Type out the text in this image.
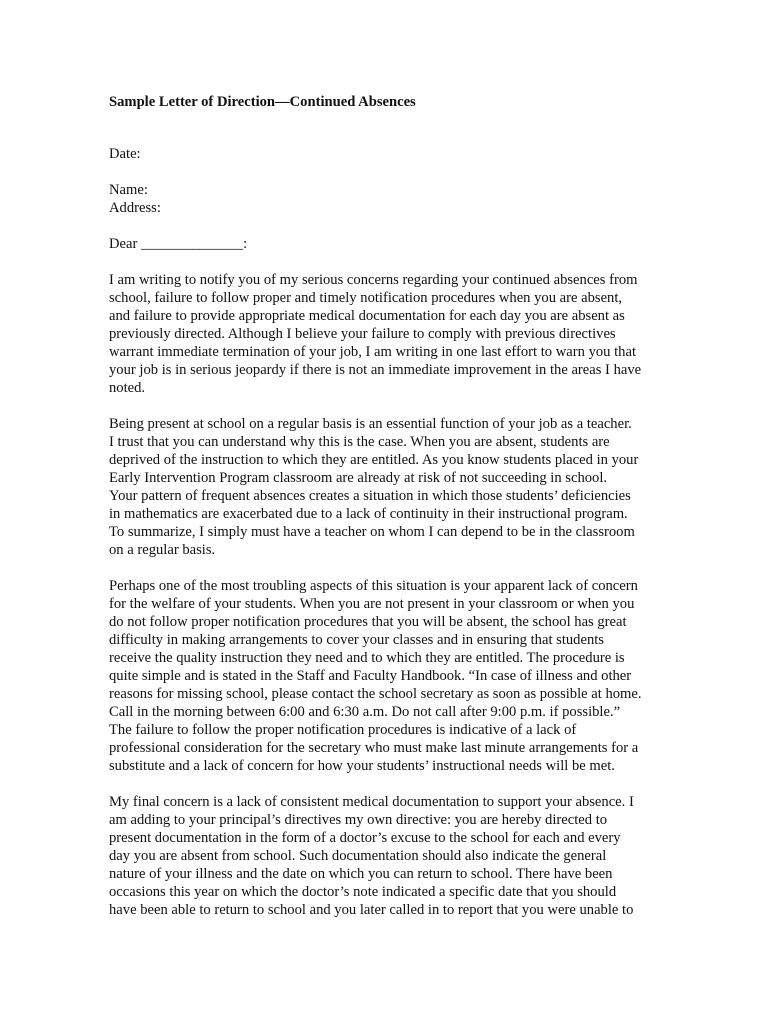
Sample Letter of Direction—Continued Absences

Date:

Name:

Address:

Dear ______________:

I am writing to notify you of my serious concerns regarding your continued absences from
school, failure to follow proper and timely notification procedures when you are absent,
and failure to provide appropriate medical documentation for each day you are absent as
previously directed. Although I believe your failure to comply with previous directives
warrant immediate termination of your job, I am writing in one last effort to warn you that
your job is in serious jeopardy if there is not an immediate improvement in the areas I have
noted.

Being present at school on a regular basis is an essential function of your job as a teacher.
I trust that you can understand why this is the case. When you are absent, students are
deprived of the instruction to which they are entitled. As you know students placed in your
Early Intervention Program classroom are already at risk of not succeeding in school.
Your pattern of frequent absences creates a situation in which those students’ deficiencies
in mathematics are exacerbated due to a lack of continuity in their instructional program.
To summarize, I simply must have a teacher on whom I can depend to be in the classroom
on a regular basis.

Perhaps one of the most troubling aspects of this situation is your apparent lack of concern
for the welfare of your students. When you are not present in your classroom or when you
do not follow proper notification procedures that you will be absent, the school has great
difficulty in making arrangements to cover your classes and in ensuring that students
receive the quality instruction they need and to which they are entitled. The procedure is
quite simple and is stated in the Staff and Faculty Handbook. “In case of illness and other
reasons for missing school, please contact the school secretary as soon as possible at home.
Call in the morning between 6:00 and 6:30 a.m. Do not call after 9:00 p.m. if possible.”
The failure to follow the proper notification procedures is indicative of a lack of
professional consideration for the secretary who must make last minute arrangements for a
substitute and a lack of concern for how your students’ instructional needs will be met.

My final concern is a lack of consistent medical documentation to support your absence. I
am adding to your principal’s directives my own directive: you are hereby directed to
present documentation in the form of a doctor’s excuse to the school for each and every
day you are absent from school. Such documentation should also indicate the general
nature of your illness and the date on which you can return to school. There have been
occasions this year on which the doctor’s note indicated a specific date that you should
have been able to return to school and you later called in to report that you were unable to
